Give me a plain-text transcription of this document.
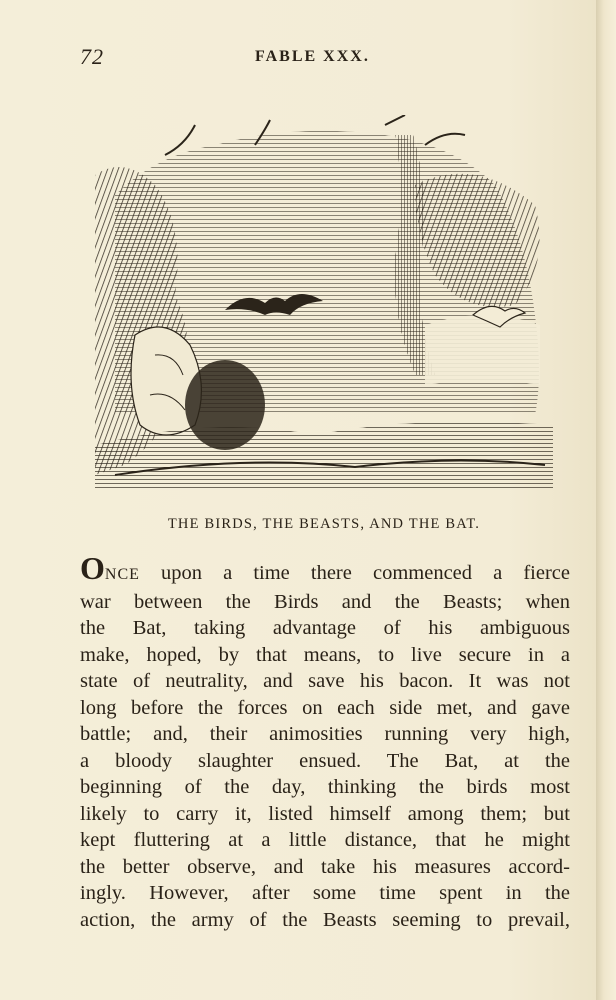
72	FABLE XXX.
THE BIRDS, THE BEASTS, AND THE BAT.
ONCE upon a time there commenced a fierce
war between the Birds and the Beasts; when
the Bat, taking advantage of his ambiguous
make, hoped, by that means, to live secure in a
state of neutrality, and save his bacon. It was not
long before the forces on each side met, and gave
battle; and, their animosities running very high,
a bloody slaughter ensued. The Bat, at the
beginning of the day, thinking the birds most
likely to carry it, listed himself among them; but
kept fluttering at a little distance, that he might
the better observe, and take his measures accord-
ingly. However, after some time spent in the
action, the army of the Beasts seeming to prevail,
